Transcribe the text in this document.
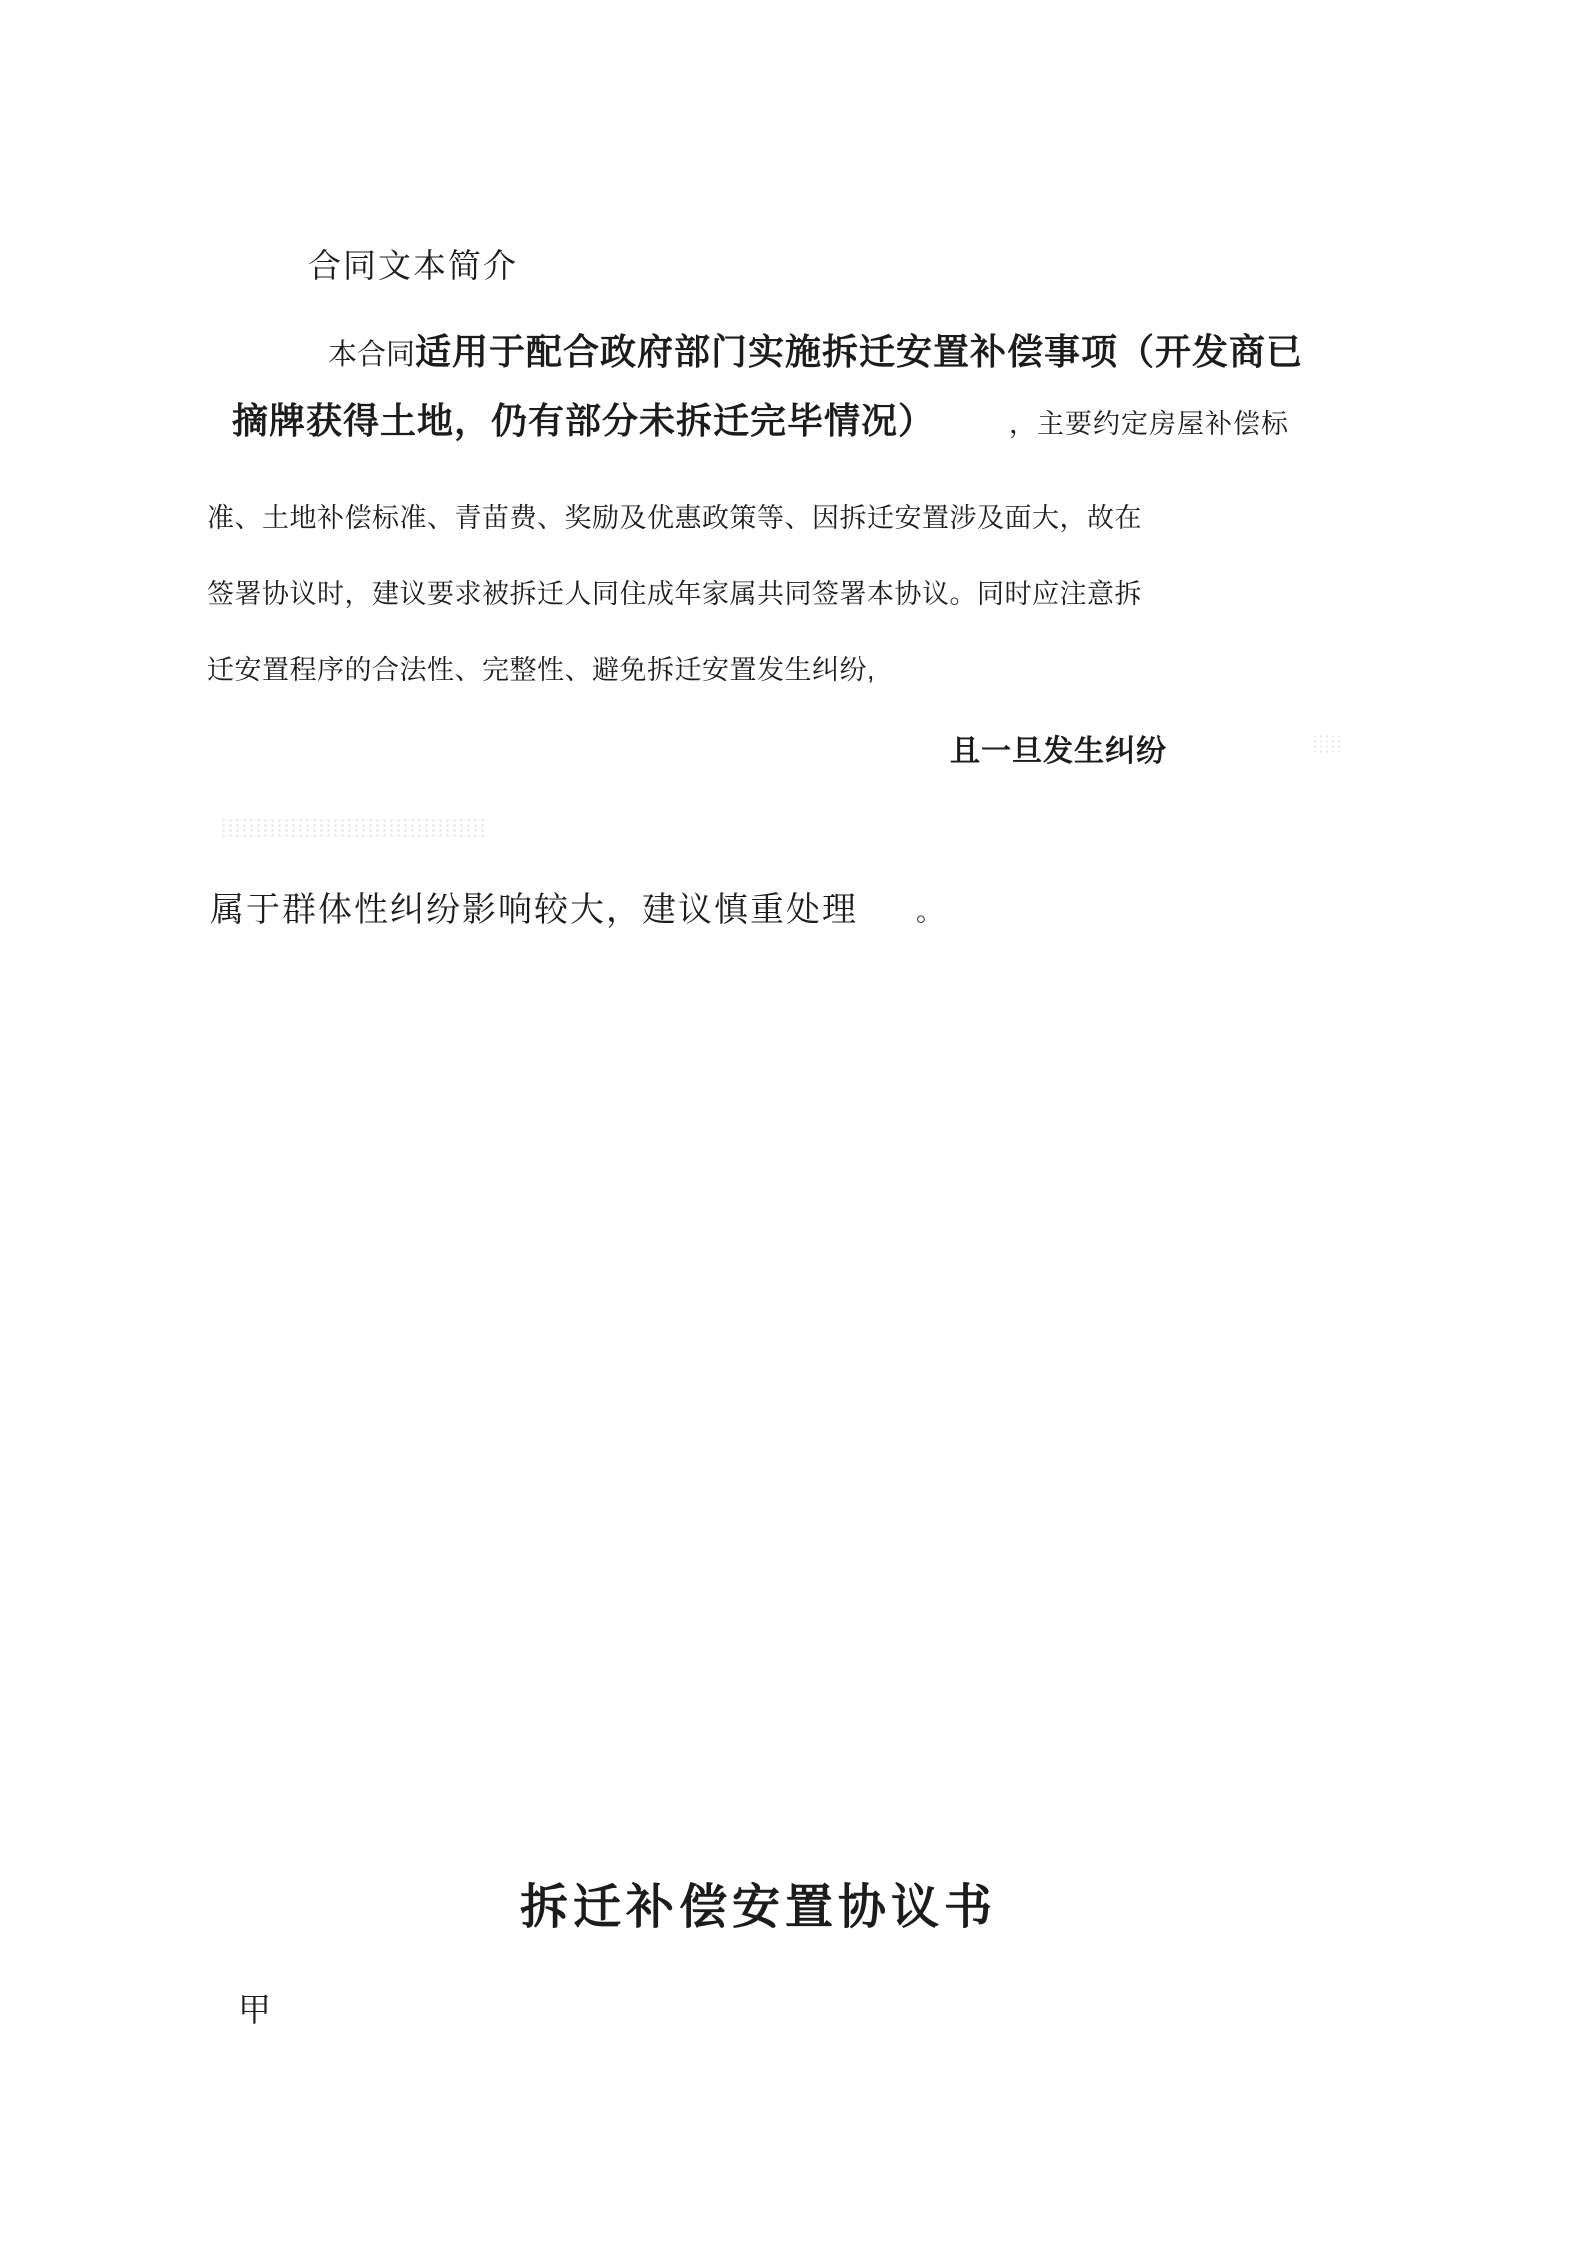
合同文本简介
本合同适用于配合政府部门实施拆迁安置补偿事项（开发商已
摘牌获得土地，仍有部分未拆迁完毕情况）	，主要约定房屋补偿标
准、土地补偿标准、青苗费、奖励及优惠政策等、因拆迁安置涉及面大，故在
签署协议时，建议要求被拆迁人同住成年家属共同签署本协议。同时应注意拆
迁安置程序的合法性、完整性、避免拆迁安置发生纠纷,
且一旦发生纠纷
属于群体性纠纷影响较大，建议慎重处理 。
拆迁补偿安置协议书
甲
